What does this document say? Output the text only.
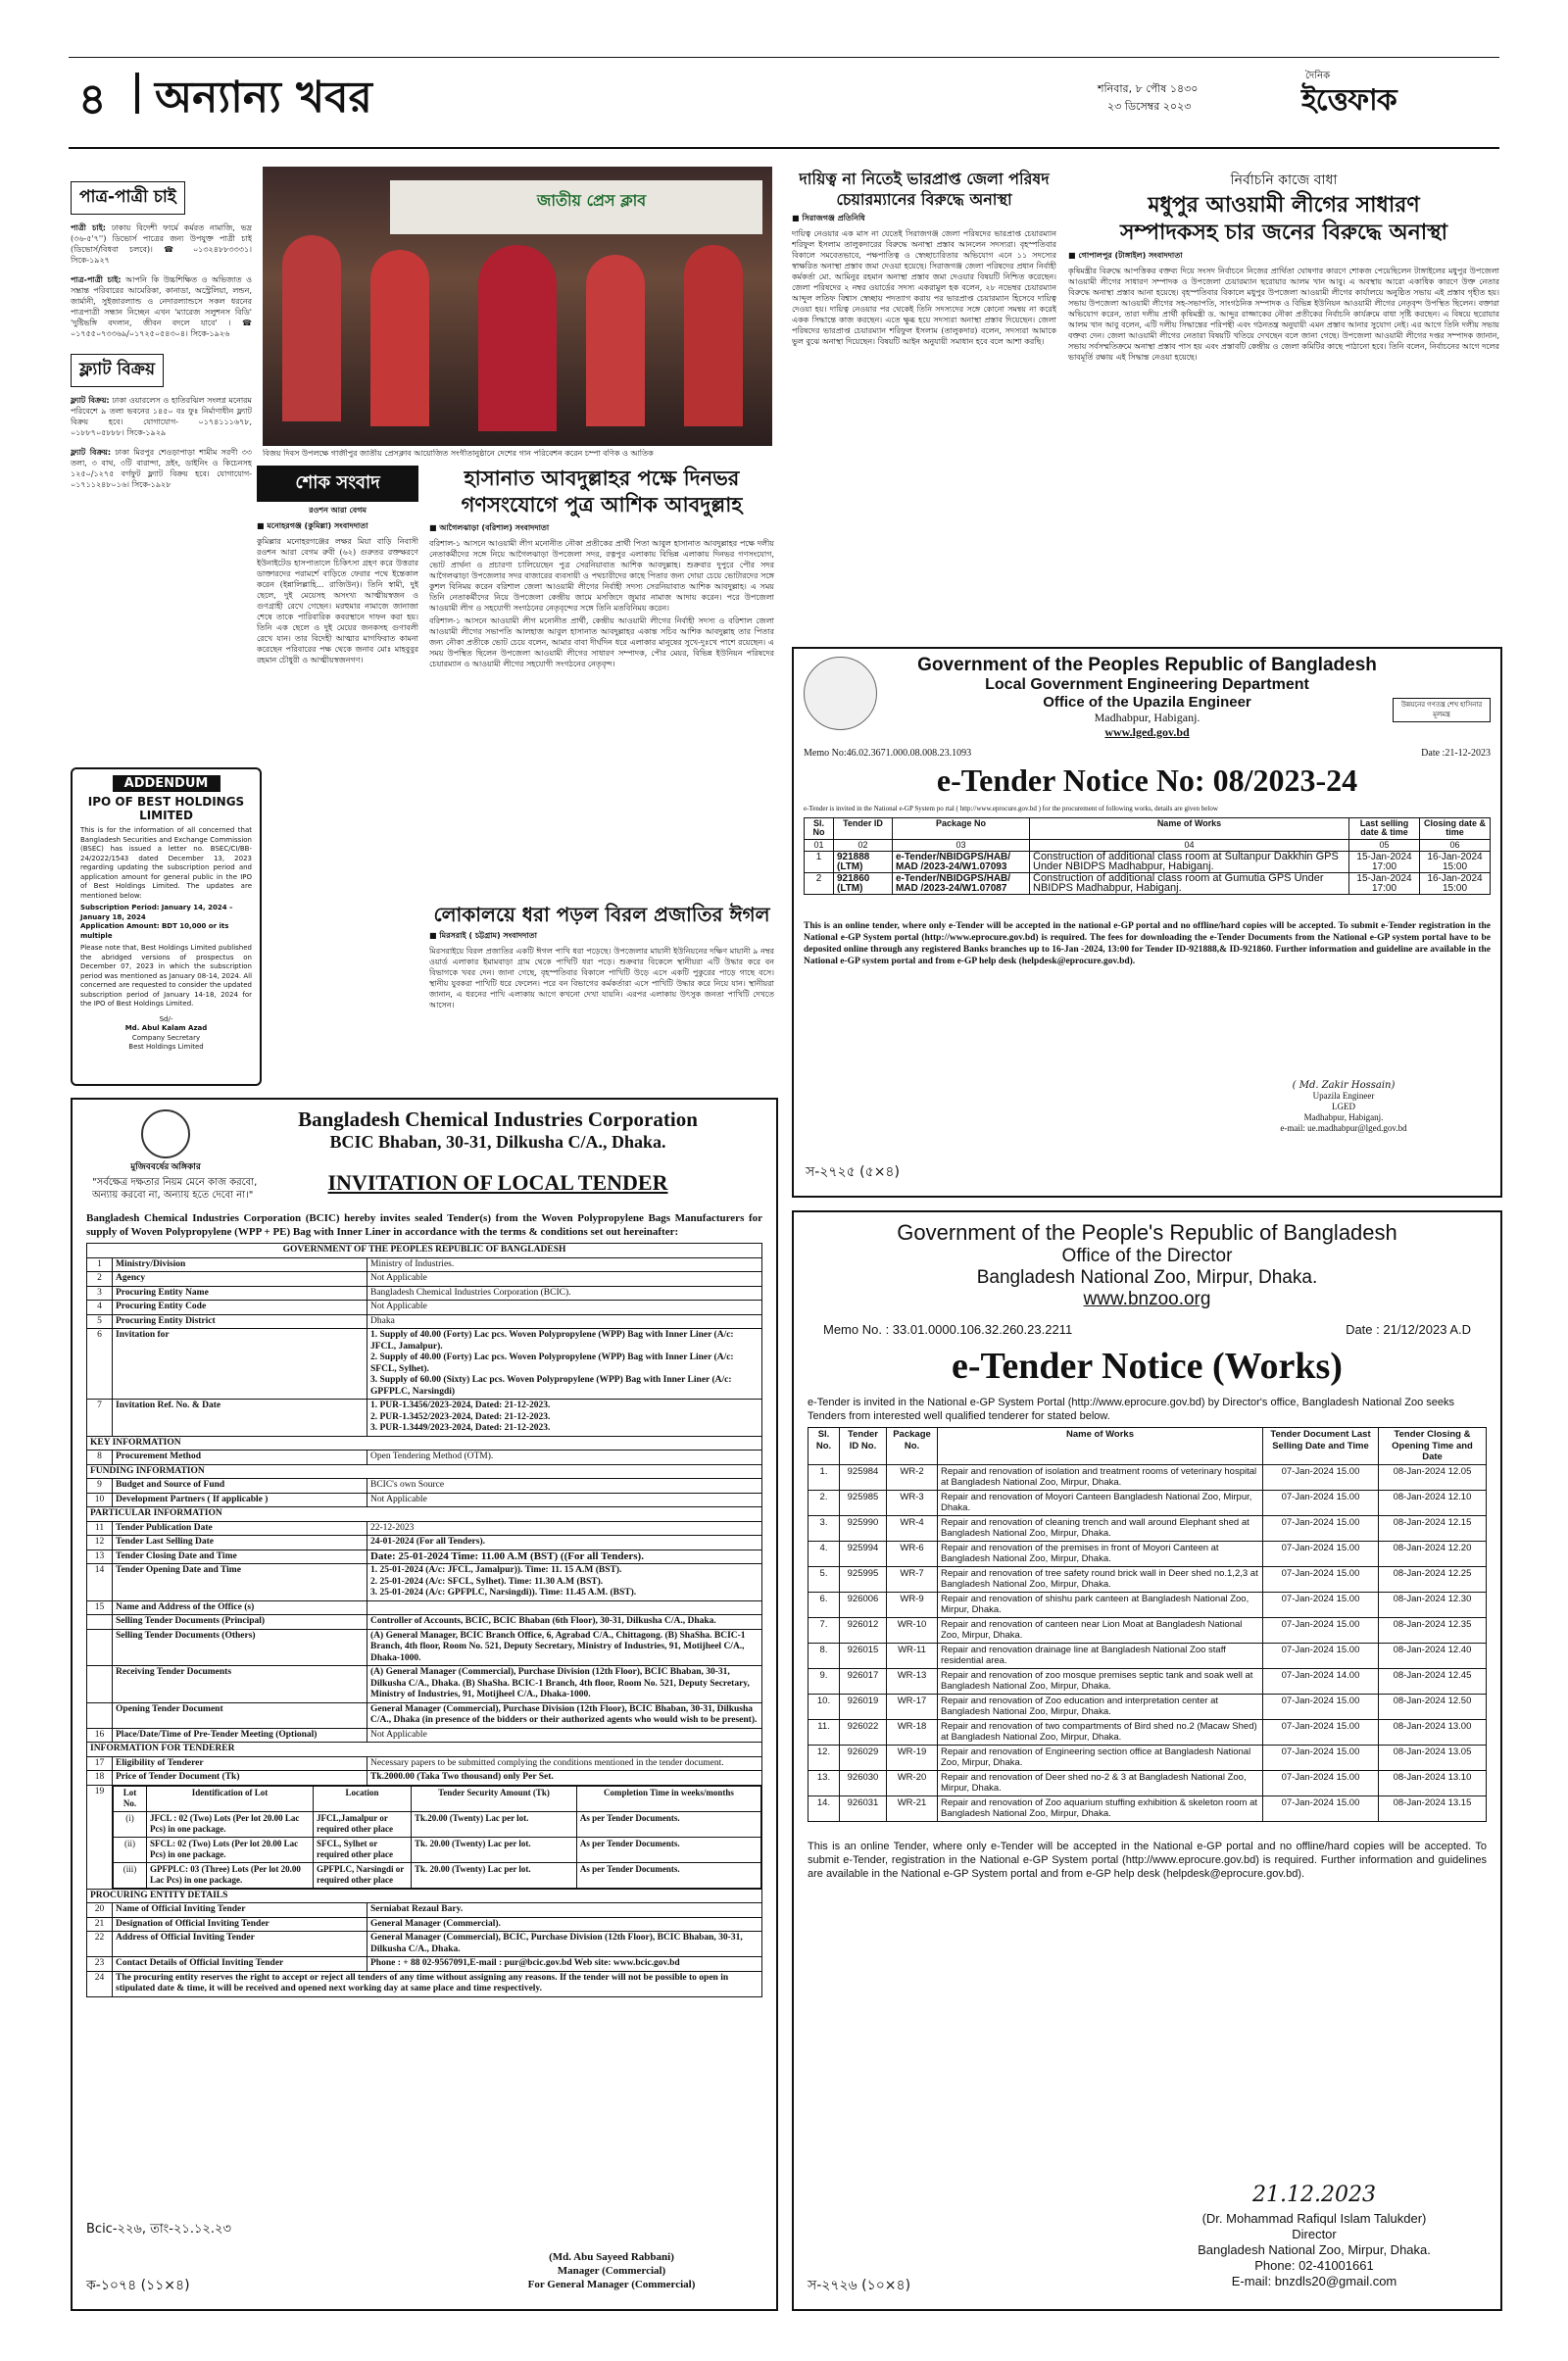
৪ অন্যান্য খবর	শনিবার, ৮ পৌষ ১৪৩০
২৩ ডিসেম্বর ২০২৩
দৈনিক
ইত্তেফাক
পাত্র-পাত্রী চাই
পাত্রী চাই: ঢাকায় বিদেশী ফার্মে কর্মরত নামাজি, ভদ্র (৩৬-৫'৭'') ডিভোর্স পাত্রের জন্য উপযুক্ত পাত্রী চাই (ডিভোর্স/বিধবা চলবে)। ☎ ০১৩২৪৮৮৩৩৩১। সিকে-১৯২৭
পাত্র-পাত্রী চাই: আপনি কি উচ্চশিক্ষিত ও অভিজাত ও সম্ভ্রান্ত পরিবারের আমেরিকা, কানাডা, অস্ট্রেলিয়া, লন্ডন, জার্মানী, সুইজারল্যান্ড ও নেদারল্যান্ডসে সকল ধরনের পাত্রপাত্রী সন্ধান নিচ্ছেন এখন 'ম্যারেজ সলুশনস বিডি' 'দুষ্টিভঙ্গি বদলান, জীবন বদলে যাবে' । ☎ ০১৭৫৫০৭৩৩৬৯/০১৭২৫০৫৪৩০৪। সিকে-১৯২৬
ফ্ল্যাট বিক্রয়
ফ্ল্যাট বিক্রয়: ঢাকা ওয়ারলেস ও হাতিরঝিল সংলগ্ন মনোরম পরিবেশে ৯ তলা ভবনের ১৪৫০ বঃ ফুঃ নির্মাণাধীন ফ্ল্যাট বিক্রয় হবে। যোগাযোগ- ০১৭৪১১১৬৭৮, ০১৮৮৭০৫৮৮৮। সিকে-১৯২৯
ফ্ল্যাট বিক্রয়: ঢাকা মিরপুর শেওড়াপাড়া শামীম সরণী ৩৩ তলা, ৩ বাথ, ৩টি বারান্দা, দ্রইং, ডাইনিং ও কিচেনসহ ১২৫০/১২৭৫ বর্গফুট ফ্ল্যাট বিক্রয় হবে। যোগাযোগ- ০১৭১১২৪৮০১৬। সিকে-১৯২৮
ADDENDUM
IPO OF BEST HOLDINGS LIMITED
This is for the information of all concerned that Bangladesh Securities and Exchange Commission (BSEC) has issued a letter no. BSEC/CI/BB-24/2022/1543 dated December 13, 2023 regarding updating the subscription period and application amount for general public in the IPO of Best Holdings Limited. The updates are mentioned below:
Subscription Period: January 14, 2024 – January 18, 2024
Application Amount: BDT 10,000 or its multiple
Please note that, Best Holdings Limited published the abridged versions of prospectus on December 07, 2023 in which the subscription period was mentioned as January 08-14, 2024. All concerned are requested to consider the updated subscription period of January 14-18, 2024 for the IPO of Best Holdings Limited.
Sd/-
Md. Abul Kalam Azad
Company Secretary
Best Holdings Limited
জাতীয় প্রেস ক্লাব
বিজয় দিবস উপলক্ষে গাজীপুর জাতীয় প্রেসক্লাব আয়োজিত সংগীতানুষ্ঠানে দেশের গান পরিবেশন করেন চম্পা বণিক ও আতিক
শোক সংবাদ
রওশন আরা বেগম
■ মনোহরগঞ্জ (কুমিল্লা) সংবাদদাতা
কুমিল্লার মনোহরগঞ্জের লক্ষর মিয়া বাড়ি নিবাসী রওশন আরা বেগম রুবী (৬২) গুরুতর রক্তক্ষরণে ইউনাইটেড হাসপাতালে চিকিৎসা গ্রহণ করে উত্তরার ডাক্তারদের পরামর্শে বাড়িতে ফেরার পথে ইন্তেকাল করেন (ইন্নালিল্লাহি... রাজিউন)। তিনি স্বামী, দুই ছেলে, দুই মেয়েসহ অসংখ্য আত্মীয়স্বজন ও গুণগ্রাহী রেখে গেছেন। মরহুমার নামাজে জানাজা শেষে তাকে পারিবারিক কবরস্থানে দাফন করা হয়। তিনি এক ছেলে ও দুই মেয়ের জনকসহ গুণাবলী রেখে যান। তার বিদেহী আত্মার মাগফিরাত কামনা করেছেন পরিবারের পক্ষ থেকে জনাব মোঃ মাহবুবুর রহমান চৌধুরী ও আত্মীয়স্বজনগণ।
হাসানাত আবদুল্লাহর পক্ষে দিনভর গণসংযোগে পুত্র আশিক আবদুল্লাহ
■ আগৈলঝাড়া (বরিশাল) সংবাদদাতা
বরিশাল-১ আসনে আওয়ামী লীগ মনোনীত নৌকা প্রতীকের প্রার্থী পিতা আবুল হাসানাত আবদুল্লাহর পক্ষে দলীয় নেতাকর্মীদের সঙ্গে নিয়ে আগৈলঝাড়া উপজেলা সদর, রত্নপুর এলাকায় বিভিন্ন এলাকায় দিনভর গণসংযোগ, ভোট প্রার্থনা ও প্রচারণা চালিয়েছেন পুত্র সেরনিয়াবাত আশিক আবদুল্লাহ। শুক্রবার দুপুরে পৌর সদর আগৈলঝাড়া উপজেলার সদর বাজারের ব্যবসায়ী ও পথচারীদের কাছে পিতার জন্য দোয়া চেয়ে ভোটারদের সঙ্গে কুশল বিনিময় করেন বরিশাল জেলা আওয়ামী লীগের নির্বাহী সদস্য সেরনিয়াবাত আশিক আবদুল্লাহ। এ সময় তিনি নেতাকর্মীদের নিয়ে উপজেলা কেন্দ্রীয় জামে মসজিদে জুমার নামাজ আদায় করেন। পরে উপজেলা আওয়ামী লীগ ও সহযোগী সংগঠনের নেতৃবৃন্দের সঙ্গে তিনি মতবিনিময় করেন।
বরিশাল-১ আসনে আওয়ামী লীগ মনোনীত প্রার্থী, কেন্দ্রীয় আওয়ামী লীগের নির্বাহী সদস্য ও বরিশাল জেলা আওয়ামী লীগের সভাপতি আলহাজ আবুল হাসানাত আবদুল্লাহর একান্ত সচিব আশিক আবদুল্লাহ তার পিতার জন্য নৌকা প্রতীকে ভোট চেয়ে বলেন, আমার বাবা দীর্ঘদিন ধরে এলাকার মানুষের সুখে-দুঃখে পাশে রয়েছেন। এ সময় উপস্থিত ছিলেন উপজেলা আওয়ামী লীগের সাধারণ সম্পাদক, পৌর মেয়র, বিভিন্ন ইউনিয়ন পরিষদের চেয়ারম্যান ও আওয়ামী লীগের সহযোগী সংগঠনের নেতৃবৃন্দ।
লোকালয়ে ধরা পড়ল বিরল প্রজাতির ঈগল
■ মিরসরাই ( চট্টগ্রাম) সংবাদদাতা
মিরসরাইয়ে বিরল প্রজাতির একটি ঈগল পাখি ধরা পড়েছে। উপজেলার মায়ানী ইউনিয়নের দক্ষিণ মায়ানী ৯ নম্বর ওয়ার্ড এলাকার ইমামবাড়া গ্রাম থেকে পাখিটি ধরা পড়ে। শুক্রবার বিকেলে স্থানীয়রা এটি উদ্ধার করে বন বিভাগকে খবর দেন। জানা গেছে, বৃহস্পতিবার বিকালে পাখিটি উড়ে এসে একটি পুকুরের পাড়ে গাছে বসে। স্থানীয় যুবকরা পাখিটি ধরে ফেলেন। পরে বন বিভাগের কর্মকর্তারা এসে পাখিটি উদ্ধার করে নিয়ে যান। স্থানীয়রা জানান, এ ধরনের পাখি এলাকায় আগে কখনো দেখা যায়নি। এরপর এলাকায় উৎসুক জনতা পাখিটি দেখতে আসেন।
দায়িত্ব না নিতেই ভারপ্রাপ্ত জেলা পরিষদ
চেয়ারম্যানের বিরুদ্ধে অনাস্থা
■ সিরাজগঞ্জ প্রতিনিধি
দায়িত্ব নেওয়ার এক মাস না যেতেই সিরাজগঞ্জ জেলা পরিষদের ভারপ্রাপ্ত চেয়ারম্যান শরিফুল ইসলাম তালুকদারের বিরুদ্ধে অনাস্থা প্রস্তাব আনলেন সদস্যরা। বৃহস্পতিবার বিকালে সমবেতভাবে, পক্ষপাতিত্ব ও স্বেচ্ছাচারিতার অভিযোগ এনে ১১ সদস্যের স্বাক্ষরিত অনাস্থা প্রস্তাব জমা দেওয়া হয়েছে। সিরাজগঞ্জ জেলা পরিষদের প্রধান নির্বাহী কর্মকর্তা মো. আমিনুর রহমান অনাস্থা প্রস্তাব জমা দেওয়ার বিষয়টি নিশ্চিত করেছেন। জেলা পরিষদের ২ নম্বর ওয়ার্ডের সদস্য একরামুল হক বলেন, ২৮ নভেম্বর চেয়ারম্যান আব্দুল লতিফ বিশ্বাস স্বেচ্ছায় পদত্যাগ করায় পর ভারপ্রাপ্ত চেয়ারম্যান হিসেবে দায়িত্ব দেওয়া হয়। দায়িত্ব নেওয়ার পর থেকেই তিনি সদস্যদের সঙ্গে কোনো সমন্বয় না করেই একক সিদ্ধান্তে কাজ করছেন। এতে ক্ষুব্ধ হয়ে সদস্যরা অনাস্থা প্রস্তাব দিয়েছেন। জেলা পরিষদের ভারপ্রাপ্ত চেয়ারম্যান শরিফুল ইসলাম (তালুকদার) বলেন, সদস্যরা আমাকে ভুল বুঝে অনাস্থা দিয়েছেন। বিষয়টি আইন অনুযায়ী সমাধান হবে বলে আশা করছি।
নির্বাচনি কাজে বাধা
মধুপুর আওয়ামী লীগের সাধারণ
সম্পাদকসহ চার জনের বিরুদ্ধে অনাস্থা
■ গোপালপুর (টাঙ্গাইল) সংবাদদাতা
কৃষিমন্ত্রীর বিরুদ্ধে আপত্তিকর বক্তব্য দিয়ে সংসদ নির্বাচনে নিজের প্রার্থিতা ঘোষণার কারণে শোকজ পেয়েছিলেন টাঙ্গাইলের মধুপুর উপজেলা আওয়ামী লীগের সাধারণ সম্পাদক ও উপজেলা চেয়ারম্যান ছরোয়ার আলম খান আবু। এ অবস্থায় আরো একাধিক কারণে উক্ত নেতার বিরুদ্ধে অনাস্থা প্রস্তাব আনা হয়েছে। বৃহস্পতিবার বিকালে মধুপুর উপজেলা আওয়ামী লীগের কার্যালয়ে অনুষ্ঠিত সভায় এই প্রস্তাব গৃহীত হয়। সভায় উপজেলা আওয়ামী লীগের সহ-সভাপতি, সাংগঠনিক সম্পাদক ও বিভিন্ন ইউনিয়ন আওয়ামী লীগের নেতৃবৃন্দ উপস্থিত ছিলেন। বক্তারা অভিযোগ করেন, তারা দলীয় প্রার্থী কৃষিমন্ত্রী ড. আব্দুর রাজ্জাকের নৌকা প্রতীকের নির্বাচনি কার্যক্রমে বাধা সৃষ্টি করছেন। এ বিষয়ে ছরোয়ার আলম খান আবু বলেন, এটি দলীয় সিদ্ধান্তের পরিপন্থী এবং গঠনতন্ত্র অনুযায়ী এমন প্রস্তাব আনার সুযোগ নেই। এর আগে তিনি দলীয় সভায় বক্তব্য দেন। জেলা আওয়ামী লীগের নেতারা বিষয়টি খতিয়ে দেখছেন বলে জানা গেছে। উপজেলা আওয়ামী লীগের দপ্তর সম্পাদক জানান, সভায় সর্বসম্মতিক্রমে অনাস্থা প্রস্তাব পাস হয় এবং প্রস্তাবটি কেন্দ্রীয় ও জেলা কমিটির কাছে পাঠানো হবে। তিনি বলেন, নির্বাচনের আগে দলের ভাবমূর্তি রক্ষায় এই সিদ্ধান্ত নেওয়া হয়েছে।
Government of the Peoples Republic of Bangladesh
Local Government Engineering Department
Office of the Upazila Engineer
Madhabpur, Habiganj.
www.lged.gov.bd
উন্নয়নের গণতন্ত্র শেখ হাসিনার মূলমন্ত্র
Memo No:46.02.3671.000.08.008.23.1093	Date :21-12-2023
e-Tender Notice No: 08/2023-24
e-Tender is invited in the National e-GP System po rtal ( http://www.eprocure.gov.bd ) for the procurement of following works, details are given below
Sl. No	Tender ID	Package No	Name of Works	Last selling date & time	Closing date & time
01	02	03	04	05	06
1	921888 (LTM)	e-Tender/NBIDGPS/HAB/ MAD /2023-24/W1.07093	Construction of additional class room at Sultanpur Dakkhin GPS Under NBIDPS Madhabpur, Habiganj.	15-Jan-2024 17:00	16-Jan-2024 15:00
2	921860 (LTM)	e-Tender/NBIDGPS/HAB/ MAD /2023-24/W1.07087	Construction of additional class room at Gumutia GPS Under NBIDPS Madhabpur, Habiganj.	15-Jan-2024 17:00	16-Jan-2024 15:00
This is an online tender, where only e-Tender will be accepted in the national e-GP portal and no offline/hard copies will be accepted. To submit e-Tender registration in the National e-GP System portal (http://www.eprocure.gov.bd) is required. The fees for downloading the e-Tender Documents from the National e-GP system portal have to be deposited online through any registered Banks branches up to 16-Jan -2024, 13:00 for Tender ID-921888,& ID-921860. Further information and guideline are available in the National e-GP system portal and from e-GP help desk (helpdesk@eprocure.gov.bd).
( Md. Zakir Hossain)
Upazila Engineer
LGED
Madhabpur, Habiganj.
e-mail: ue.madhabpur@lged.gov.bd
স-২৭২৫ (৫×৪)
মুজিববর্ষের অঙ্গিকার
"সর্বক্ষেত্র দক্ষতার নিয়ম মেনে কাজ করবো, অন্যায় করবো না, অন্যায় হতে দেবো না।"
Bangladesh Chemical Industries Corporation
BCIC Bhaban, 30-31, Dilkusha C/A., Dhaka.
INVITATION OF LOCAL TENDER
Bangladesh Chemical Industries Corporation (BCIC) hereby invites sealed Tender(s) from the Woven Polypropylene Bags Manufacturers for supply of Woven Polypropylene (WPP + PE) Bag with Inner Liner in accordance with the terms & conditions set out hereinafter:
GOVERNMENT OF THE PEOPLES REPUBLIC OF BANGLADESH
1	Ministry/Division	Ministry of Industries.
2	Agency	Not Applicable
3	Procuring Entity Name	Bangladesh Chemical Industries Corporation (BCIC).
4	Procuring Entity Code	Not Applicable
5	Procuring Entity District	Dhaka
6	Invitation for	1. Supply of 40.00 (Forty) Lac pcs. Woven Polypropylene (WPP) Bag with Inner Liner (A/c: JFCL, Jamalpur).
2. Supply of 40.00 (Forty) Lac pcs. Woven Polypropylene (WPP) Bag with Inner Liner (A/c: SFCL, Sylhet).
3. Supply of 60.00 (Sixty) Lac pcs. Woven Polypropylene (WPP) Bag with Inner Liner (A/c: GPFPLC, Narsingdi)

7	Invitation Ref. No. & Date	1. PUR-1.3456/2023-2024, Dated: 21-12-2023.
2. PUR-1.3452/2023-2024, Dated: 21-12-2023.
3. PUR-1.3449/2023-2024, Dated: 21-12-2023.

KEY INFORMATION
8	Procurement Method	Open Tendering Method (OTM).
FUNDING INFORMATION
9	Budget and Source of Fund	BCIC's own Source
10	Development Partners ( If applicable )	Not Applicable
PARTICULAR INFORMATION
11	Tender Publication Date	22-12-2023
12	Tender Last Selling Date	24-01-2024 (For all Tenders).
13	Tender Closing Date and Time	Date: 25-01-2024 Time: 11.00 A.M (BST) ((For all Tenders).
14	Tender Opening Date and Time	1. 25-01-2024 (A/c: JFCL, Jamalpur)). Time: 11. 15 A.M (BST).
2. 25-01-2024 (A/c: SFCL, Sylhet). Time: 11.30 A.M (BST).
3. 25-01-2024 (A/c: GPFPLC, Narsingdi)). Time: 11.45 A.M. (BST).

15	Name and Address of the Office (s)	
	Selling Tender Documents (Principal)	Controller of Accounts, BCIC, BCIC Bhaban (6th Floor), 30-31, Dilkusha C/A., Dhaka.
	Selling Tender Documents (Others)	(A) General Manager, BCIC Branch Office, 6, Agrabad C/A., Chittagong. (B) ShaSha. BCIC-1 Branch, 4th floor, Room No. 521, Deputy Secretary, Ministry of Industries, 91, Motijheel C/A., Dhaka-1000.
	Receiving Tender Documents	(A) General Manager (Commercial), Purchase Division (12th Floor), BCIC Bhaban, 30-31, Dilkusha C/A., Dhaka. (B) ShaSha. BCIC-1 Branch, 4th floor, Room No. 521, Deputy Secretary, Ministry of Industries, 91, Motijheel C/A., Dhaka-1000.
	Opening Tender Document	General Manager (Commercial), Purchase Division (12th Floor), BCIC Bhaban, 30-31, Dilkusha C/A., Dhaka (in presence of the bidders or their authorized agents who would wish to be present).
16	Place/Date/Time of Pre-Tender Meeting (Optional)	Not Applicable
INFORMATION FOR TENDERER
17	Eligibility of Tenderer	Necessary papers to be submitted complying the conditions mentioned in the tender document.
18	Price of Tender Document (Tk)	Tk.2000.00 (Taka Two thousand) only Per Set.
19	Lot No.	Identification of Lot	Location	Tender Security Amount (Tk)	Completion Time in weeks/months
(i)	JFCL : 02 (Two) Lots (Per lot 20.00 Lac Pcs) in one package.	JFCL,Jamalpur or required other place	Tk.20.00 (Twenty) Lac per lot.	As per Tender Documents.
(ii)	SFCL: 02 (Two) Lots (Per lot 20.00 Lac Pcs) in one package.	SFCL, Sylhet or required other place	Tk. 20.00 (Twenty) Lac per lot.	As per Tender Documents.
(iii)	GPFPLC: 03 (Three) Lots (Per lot 20.00 Lac Pcs) in one package.	GPFPLC, Narsingdi or required other place	Tk. 20.00 (Twenty) Lac per lot.	As per Tender Documents.

PROCURING ENTITY DETAILS
20	Name of Official Inviting Tender	Serniabat Rezaul Bary.
21	Designation of Official Inviting Tender	General Manager (Commercial).
22	Address of Official Inviting Tender	General Manager (Commercial), BCIC, Purchase Division (12th Floor), BCIC Bhaban, 30-31, Dilkusha C/A., Dhaka.
23	Contact Details of Official Inviting Tender	Phone : + 88 02-9567091,E-mail : pur@bcic.gov.bd Web site: www.bcic.gov.bd
24	The procuring entity reserves the right to accept or reject all tenders of any time without assigning any reasons. If the tender will not be possible to open in stipulated date & time, it will be received and opened next working day at same place and time respectively.
Bcic-২২৬, তাং-২১.১২.২৩
(Md. Abu Sayeed Rabbani)
Manager (Commercial)
For General Manager (Commercial)
ক-১০৭৪ (১১×৪)
Government of the People's Republic of Bangladesh
Office of the Director
Bangladesh National Zoo, Mirpur, Dhaka.
www.bnzoo.org
Memo No. : 33.01.0000.106.32.260.23.2211	Date : 21/12/2023 A.D
e-Tender Notice (Works)
e-Tender is invited in the National e-GP System Portal (http://www.eprocure.gov.bd) by Director's office, Bangladesh National Zoo seeks Tenders from interested well qualified tenderer for stated below.
Sl. No.	Tender ID No.	Package No.	Name of Works	Tender Document Last Selling Date and Time	Tender Closing & Opening Time and Date
1.	925984	WR-2	Repair and renovation of isolation and treatment rooms of veterinary hospital at Bangladesh National Zoo, Mirpur, Dhaka.	07-Jan-2024 15.00	08-Jan-2024 12.05
2.	925985	WR-3	Repair and renovation of Moyori Canteen Bangladesh National Zoo, Mirpur, Dhaka.	07-Jan-2024 15.00	08-Jan-2024 12.10
3.	925990	WR-4	Repair and renovation of cleaning trench and wall around Elephant shed at Bangladesh National Zoo, Mirpur, Dhaka.	07-Jan-2024 15.00	08-Jan-2024 12.15
4.	925994	WR-6	Repair and renovation of the premises in front of Moyori Canteen at Bangladesh National Zoo, Mirpur, Dhaka.	07-Jan-2024 15.00	08-Jan-2024 12.20
5.	925995	WR-7	Repair and renovation of tree safety round brick wall in Deer shed no.1,2,3 at Bangladesh National Zoo, Mirpur, Dhaka.	07-Jan-2024 15.00	08-Jan-2024 12.25
6.	926006	WR-9	Repair and renovation of shishu park canteen at Bangladesh National Zoo, Mirpur, Dhaka.	07-Jan-2024 15.00	08-Jan-2024 12.30
7.	926012	WR-10	Repair and renovation of canteen near Lion Moat at Bangladesh National Zoo, Mirpur, Dhaka.	07-Jan-2024 15.00	08-Jan-2024 12.35
8.	926015	WR-11	Repair and renovation drainage line at Bangladesh National Zoo staff residential area.	07-Jan-2024 15.00	08-Jan-2024 12.40
9.	926017	WR-13	Repair and renovation of zoo mosque premises septic tank and soak well at Bangladesh National Zoo, Mirpur, Dhaka.	07-Jan-2024 14.00	08-Jan-2024 12.45
10.	926019	WR-17	Repair and renovation of Zoo education and interpretation center at Bangladesh National Zoo, Mirpur, Dhaka.	07-Jan-2024 15.00	08-Jan-2024 12.50
11.	926022	WR-18	Repair and renovation of two compartments of Bird shed no.2 (Macaw Shed) at Bangladesh National Zoo, Mirpur, Dhaka.	07-Jan-2024 15.00	08-Jan-2024 13.00
12.	926029	WR-19	Repair and renovation of Engineering section office at Bangladesh National Zoo, Mirpur, Dhaka.	07-Jan-2024 15.00	08-Jan-2024 13.05
13.	926030	WR-20	Repair and renovation of Deer shed no-2 & 3 at Bangladesh National Zoo, Mirpur, Dhaka.	07-Jan-2024 15.00	08-Jan-2024 13.10
14.	926031	WR-21	Repair and renovation of Zoo aquarium stuffing exhibition & skeleton room at Bangladesh National Zoo, Mirpur, Dhaka.	07-Jan-2024 15.00	08-Jan-2024 13.15
This is an online Tender, where only e-Tender will be accepted in the National e-GP portal and no offline/hard copies will be accepted. To submit e-Tender, registration in the National e-GP System portal (http://www.eprocure.gov.bd) is required. Further information and guidelines are available in the National e-GP System portal and from e-GP help desk (helpdesk@eprocure.gov.bd).
21.12.2023
(Dr. Mohammad Rafiqul Islam Talukder)
Director
Bangladesh National Zoo, Mirpur, Dhaka.
Phone: 02-41001661
E-mail: bnzdls20@gmail.com
স-২৭২৬ (১০×৪)
